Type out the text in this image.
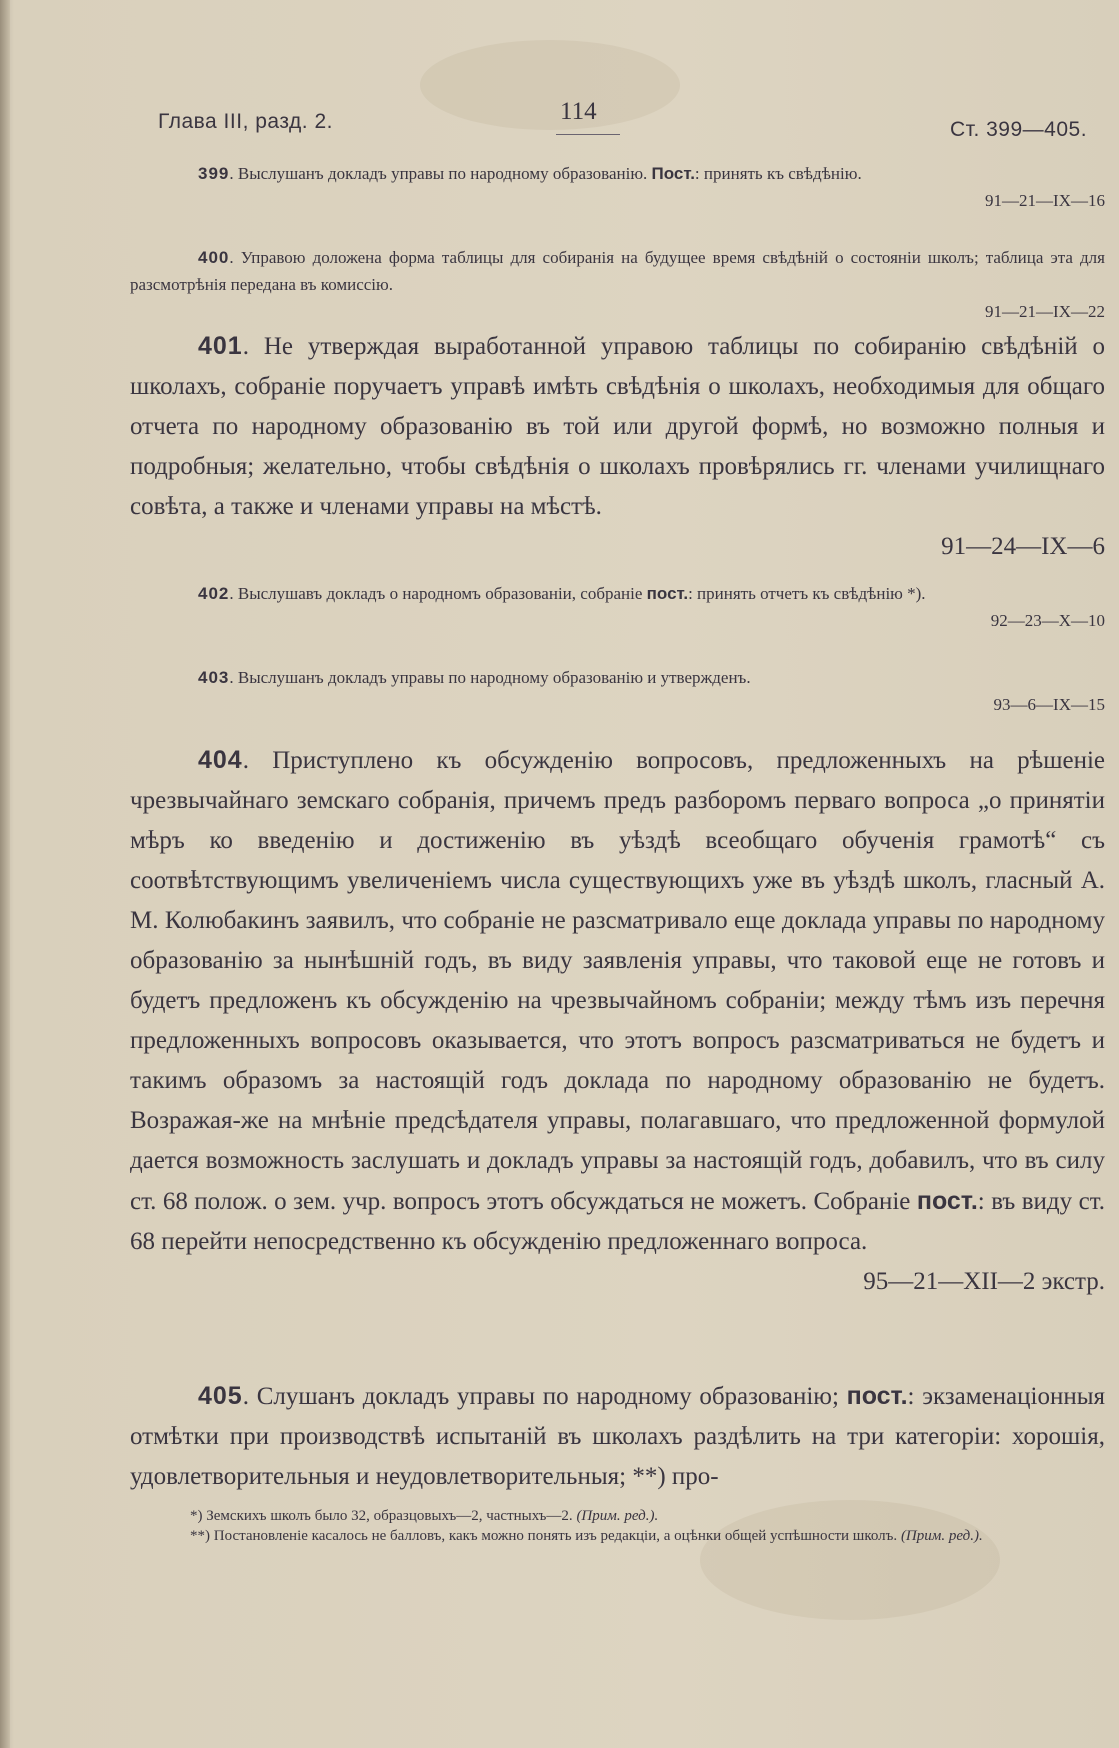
Глава III, разд. 2.	114
Ст. 399—405.

399. Выслушанъ докладъ управы по народному образованію. Пост.: принять къ свѣдѣнію.

91—21—IX—16

400. Управою доложена форма таблицы для собиранія на будущее время свѣдѣній о состояніи школъ; таблица эта для разсмотрѣнія передана въ комиссію.

91—21—IX—22

401. Не утверждая выработанной управою таблицы по собиранію свѣдѣній о школахъ, собраніе поручаетъ управѣ имѣть свѣдѣнія о школахъ, необходимыя для общаго отчета по народному образованію въ той или другой формѣ, но возможно полныя и подробныя; желательно, чтобы свѣдѣнія о школахъ провѣрялись гг. членами училищнаго совѣта, а также и членами управы на мѣстѣ.

91—24—IX—6

402. Выслушавъ докладъ о народномъ образованіи, собраніе пост.: принять отчетъ къ свѣдѣнію *).

92—23—X—10

403. Выслушанъ докладъ управы по народному образованію и утвержденъ.

93—6—IX—15

404. Приступлено къ обсужденію вопросовъ, предложенныхъ на рѣшеніе чрезвычайнаго земскаго собранія, причемъ предъ разборомъ перваго вопроса „о принятіи мѣръ ко введенію и достиженію въ уѣздѣ всеобщаго обученія грамотѣ“ съ соотвѣтствующимъ увеличеніемъ числа существующихъ уже въ уѣздѣ школъ, гласный А. М. Колюбакинъ заявилъ, что собраніе не разсматривало еще доклада управы по народному образованію за нынѣшній годъ, въ виду заявленія управы, что таковой еще не готовъ и будетъ предложенъ къ обсужденію на чрезвычайномъ собраніи; между тѣмъ изъ перечня предложенныхъ вопросовъ оказывается, что этотъ вопросъ разсматриваться не будетъ и такимъ образомъ за настоящій годъ доклада по народному образованію не будетъ. Возражая-же на мнѣніе предсѣдателя управы, полагавшаго, что предложенной формулой дается возможность заслушать и докладъ управы за настоящій годъ, добавилъ, что въ силу ст. 68 полож. о зем. учр. вопросъ этотъ обсуждаться не можетъ. Собраніе пост.: въ виду ст. 68 перейти непосредственно къ обсужденію предложеннаго вопроса.

95—21—XII—2 экстр.

405. Слушанъ докладъ управы по народному образованію; пост.: экзаменаціонныя отмѣтки при производствѣ испытаній въ школахъ раздѣлить на три категоріи: хорошія, удовлетворительныя и неудовлетворительныя; **) про-

*) Земскихъ школъ было 32, образцовыхъ—2, частныхъ—2. (Прим. ред.).

**) Постановленіе касалось не балловъ, какъ можно понять изъ редакціи, а оцѣнки общей успѣшности школъ. (Прим. ред.).
